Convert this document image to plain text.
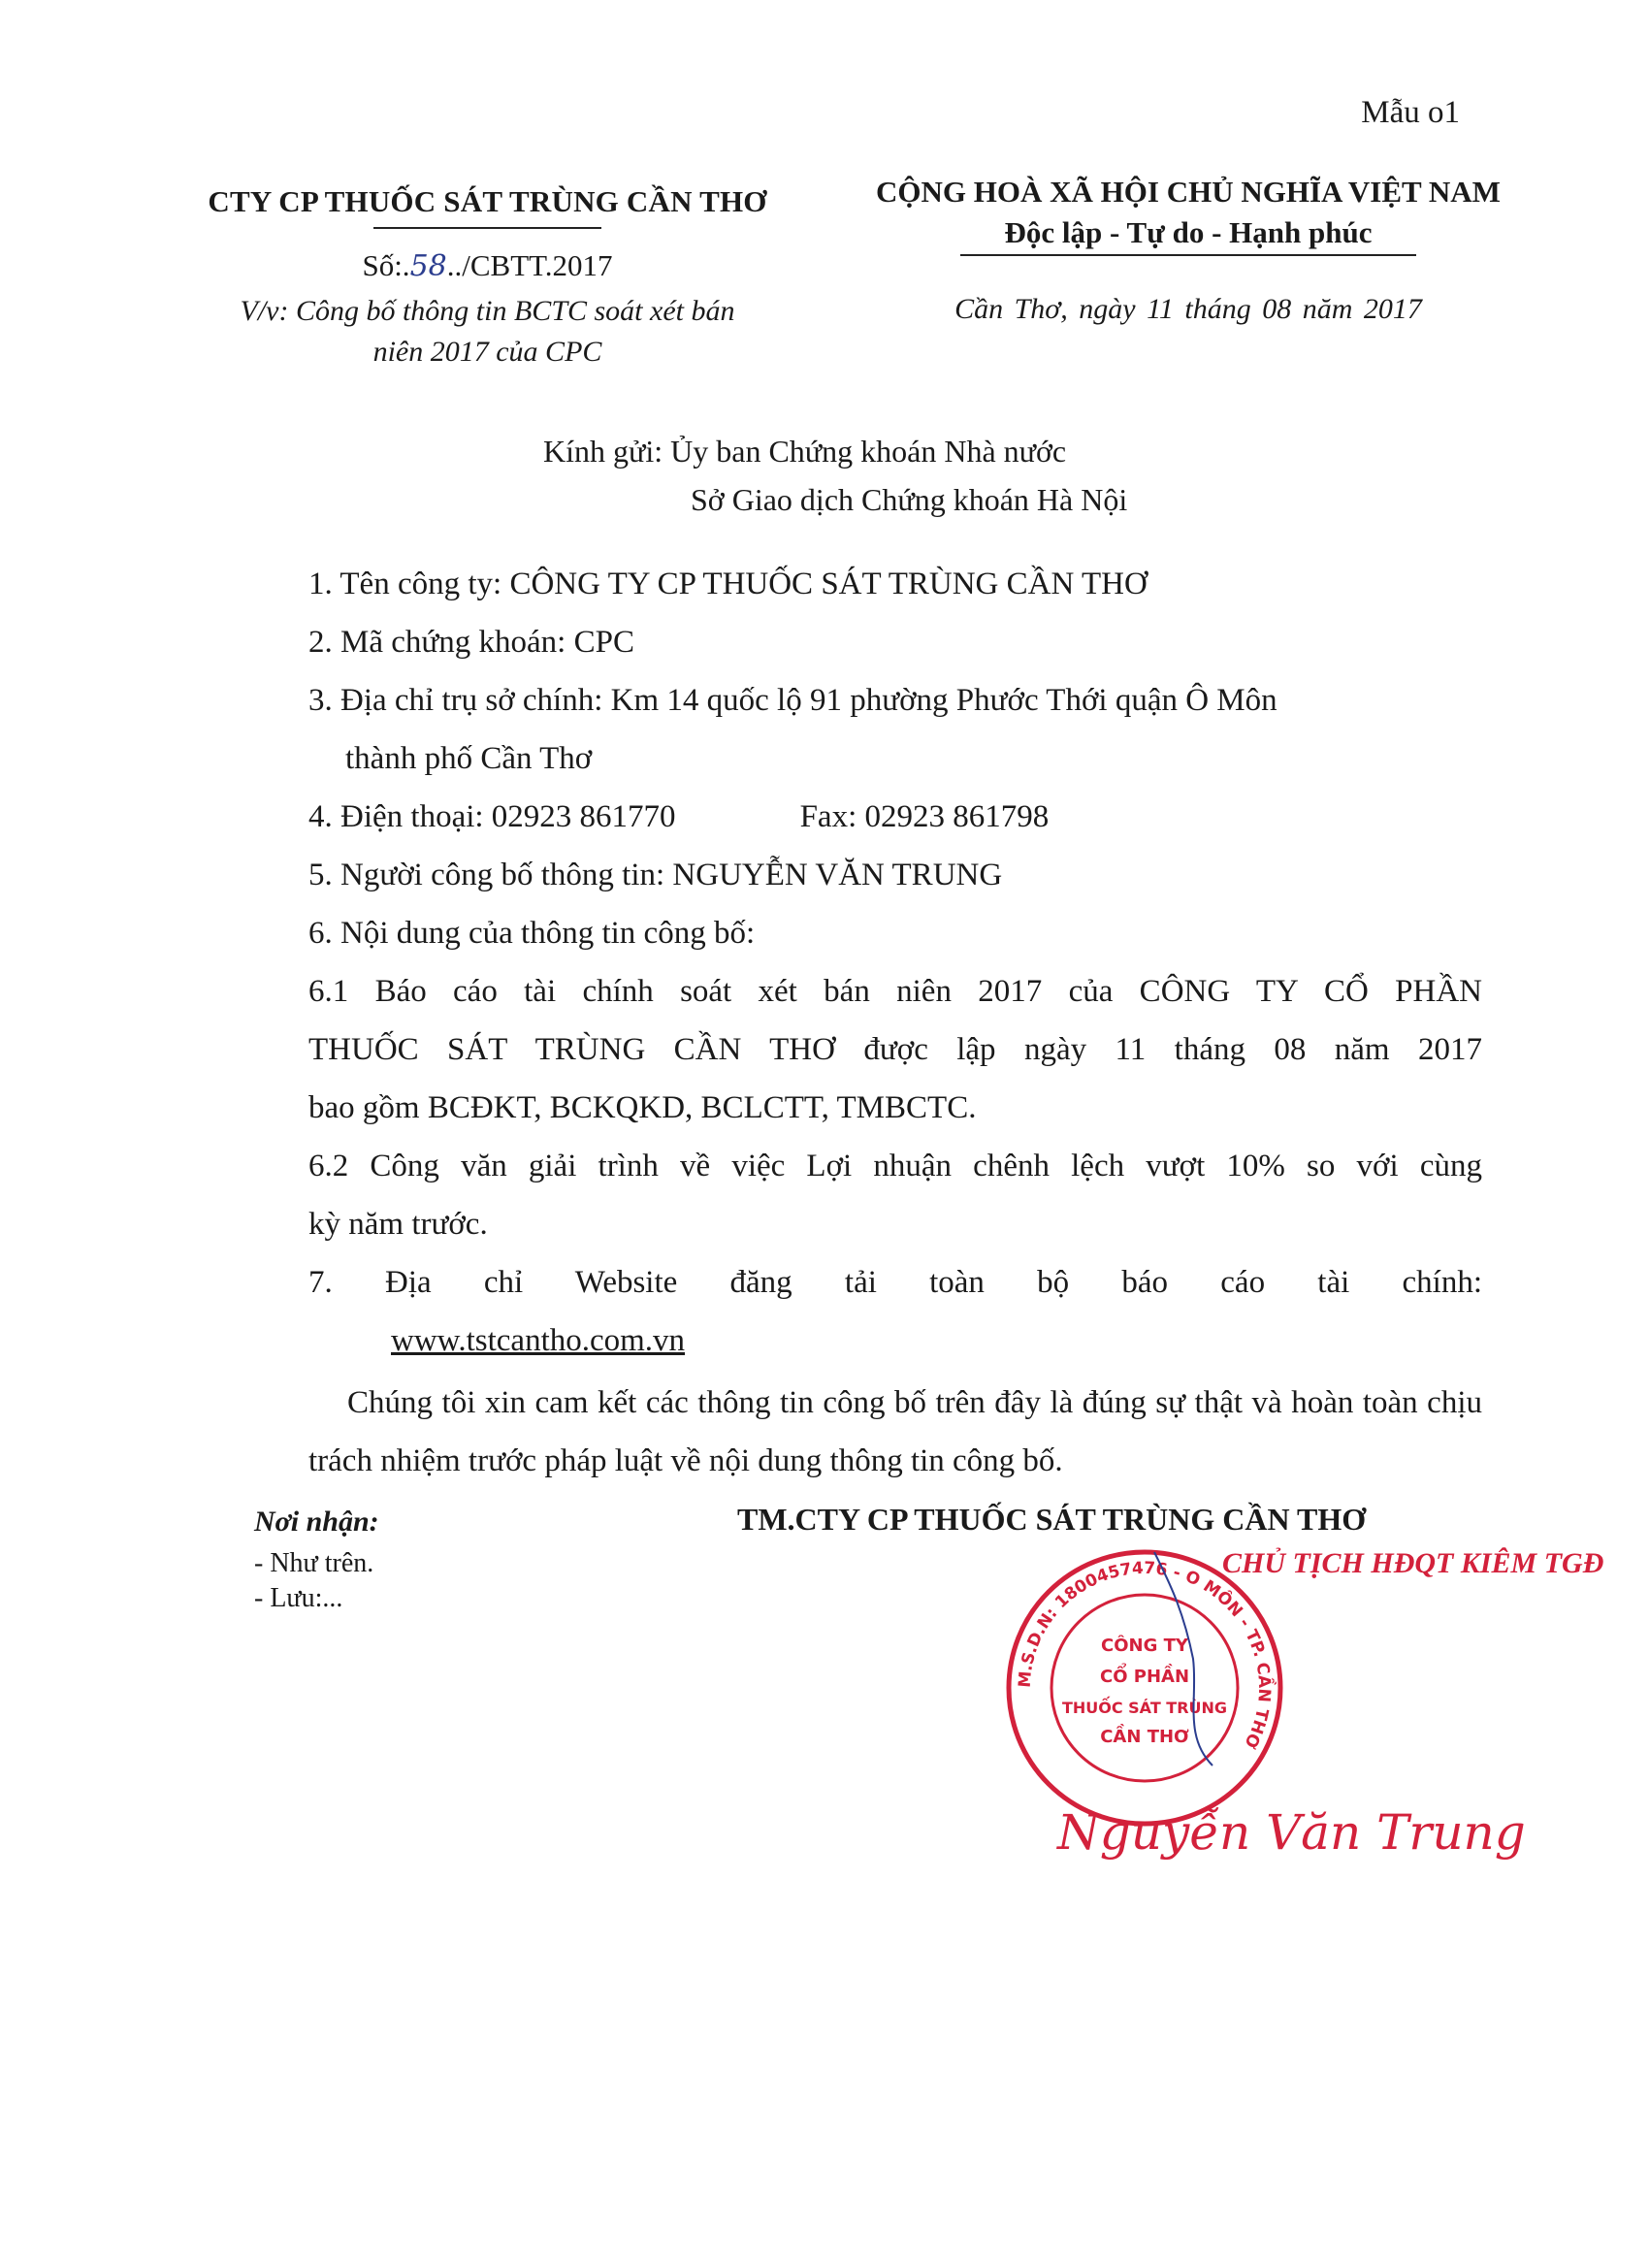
Mẫu o1
CTY CP THUỐC SÁT TRÙNG CẦN THƠ
Số:.58../CBTT.2017
V/v: Công bố thông tin BCTC soát xét bán
niên 2017 của CPC
CỘNG HOÀ XÃ HỘI CHỦ NGHĨA VIỆT NAM
Độc lập - Tự do - Hạnh phúc
Cần Thơ, ngày 11 tháng 08 năm 2017
Kính gửi: Ủy ban Chứng khoán Nhà nước
Sở Giao dịch Chứng khoán Hà Nội

1. Tên công ty: CÔNG TY CP THUỐC SÁT TRÙNG CẦN THƠ

2. Mã chứng khoán: CPC

3. Địa chỉ trụ sở chính: Km 14 quốc lộ 91 phường Phước Thới quận Ô Môn

thành phố Cần Thơ

4. Điện thoại: 02923 861770	Fax: 02923 861798

5. Người công bố thông tin: NGUYỄN VĂN TRUNG

6. Nội dung của thông tin công bố:

6.1 Báo cáo tài chính soát xét bán niên 2017 của CÔNG TY CỔ PHẦN

THUỐC SÁT TRÙNG CẦN THƠ được lập ngày 11 tháng 08 năm 2017

bao gồm BCĐKT, BCKQKD, BCLCTT, TMBCTC.

6.2 Công văn giải trình về việc Lợi nhuận chênh lệch vượt 10% so với cùng

kỳ năm trước.

7. Địa chỉ Website đăng tải toàn bộ báo cáo tài chính:

www.tstcantho.com.vn

Chúng tôi xin cam kết các thông tin công bố trên đây là đúng sự thật và hoàn toàn chịu trách nhiệm trước pháp luật về nội dung thông tin công bố.

Nơi nhận:
- Như trên.
- Lưu:...
TM.CTY CP THUỐC SÁT TRÙNG CẦN THƠ
CHỦ TỊCH HĐQT KIÊM TGĐ
M.S.D.N: 1800457476 - O MÔN - TP. CẦN THƠ
CÔNG TY
CỔ PHẦN
THUỐC SÁT TRÙNG
CẦN THƠ
Nguyễn Văn Trung
